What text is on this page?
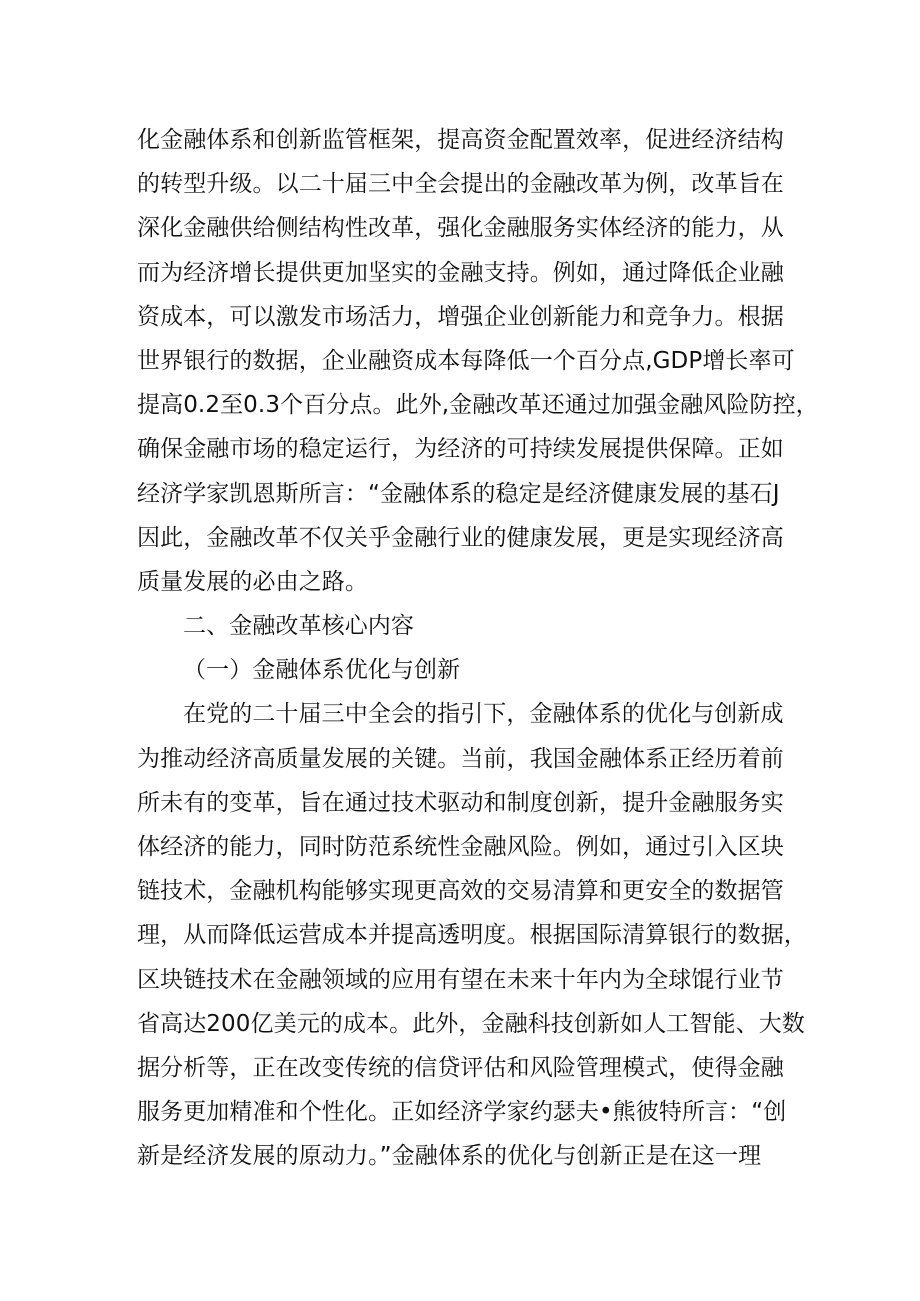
化金融体系和创新监管框架，提高资金配置效率，促进经济结构
的转型升级。以二十届三中全会提出的金融改革为例，改革旨在
深化金融供给侧结构性改革，强化金融服务实体经济的能力，从
而为经济增长提供更加坚实的金融支持。例如，通过降低企业融
资成本，可以激发市场活力，增强企业创新能力和竞争力。根据
世界银行的数据，企业融资成本每降低一个百分点,GDP增长率可
提高0.2至0.3个百分点。此外,金融改革还通过加强金融风险防控，
确保金融市场的稳定运行，为经济的可持续发展提供保障。正如
经济学家凯恩斯所言：“金融体系的稳定是经济健康发展的基石J
因此，金融改革不仅关乎金融行业的健康发展，更是实现经济高
质量发展的必由之路。
二、金融改革核心内容
（一）金融体系优化与创新
在党的二十届三中全会的指引下，金融体系的优化与创新成
为推动经济高质量发展的关键。当前，我国金融体系正经历着前
所未有的变革，旨在通过技术驱动和制度创新，提升金融服务实
体经济的能力，同时防范系统性金融风险。例如，通过引入区块
链技术，金融机构能够实现更高效的交易清算和更安全的数据管
理，从而降低运营成本并提高透明度。根据国际清算银行的数据，
区块链技术在金融领域的应用有望在未来十年内为全球馄行业节
省高达200亿美元的成本。此外，金融科技创新如人工智能、大数
据分析等，正在改变传统的信贷评估和风险管理模式，使得金融
服务更加精准和个性化。正如经济学家约瑟夫•熊彼特所言：“创
新是经济发展的原动力。”金融体系的优化与创新正是在这一理
